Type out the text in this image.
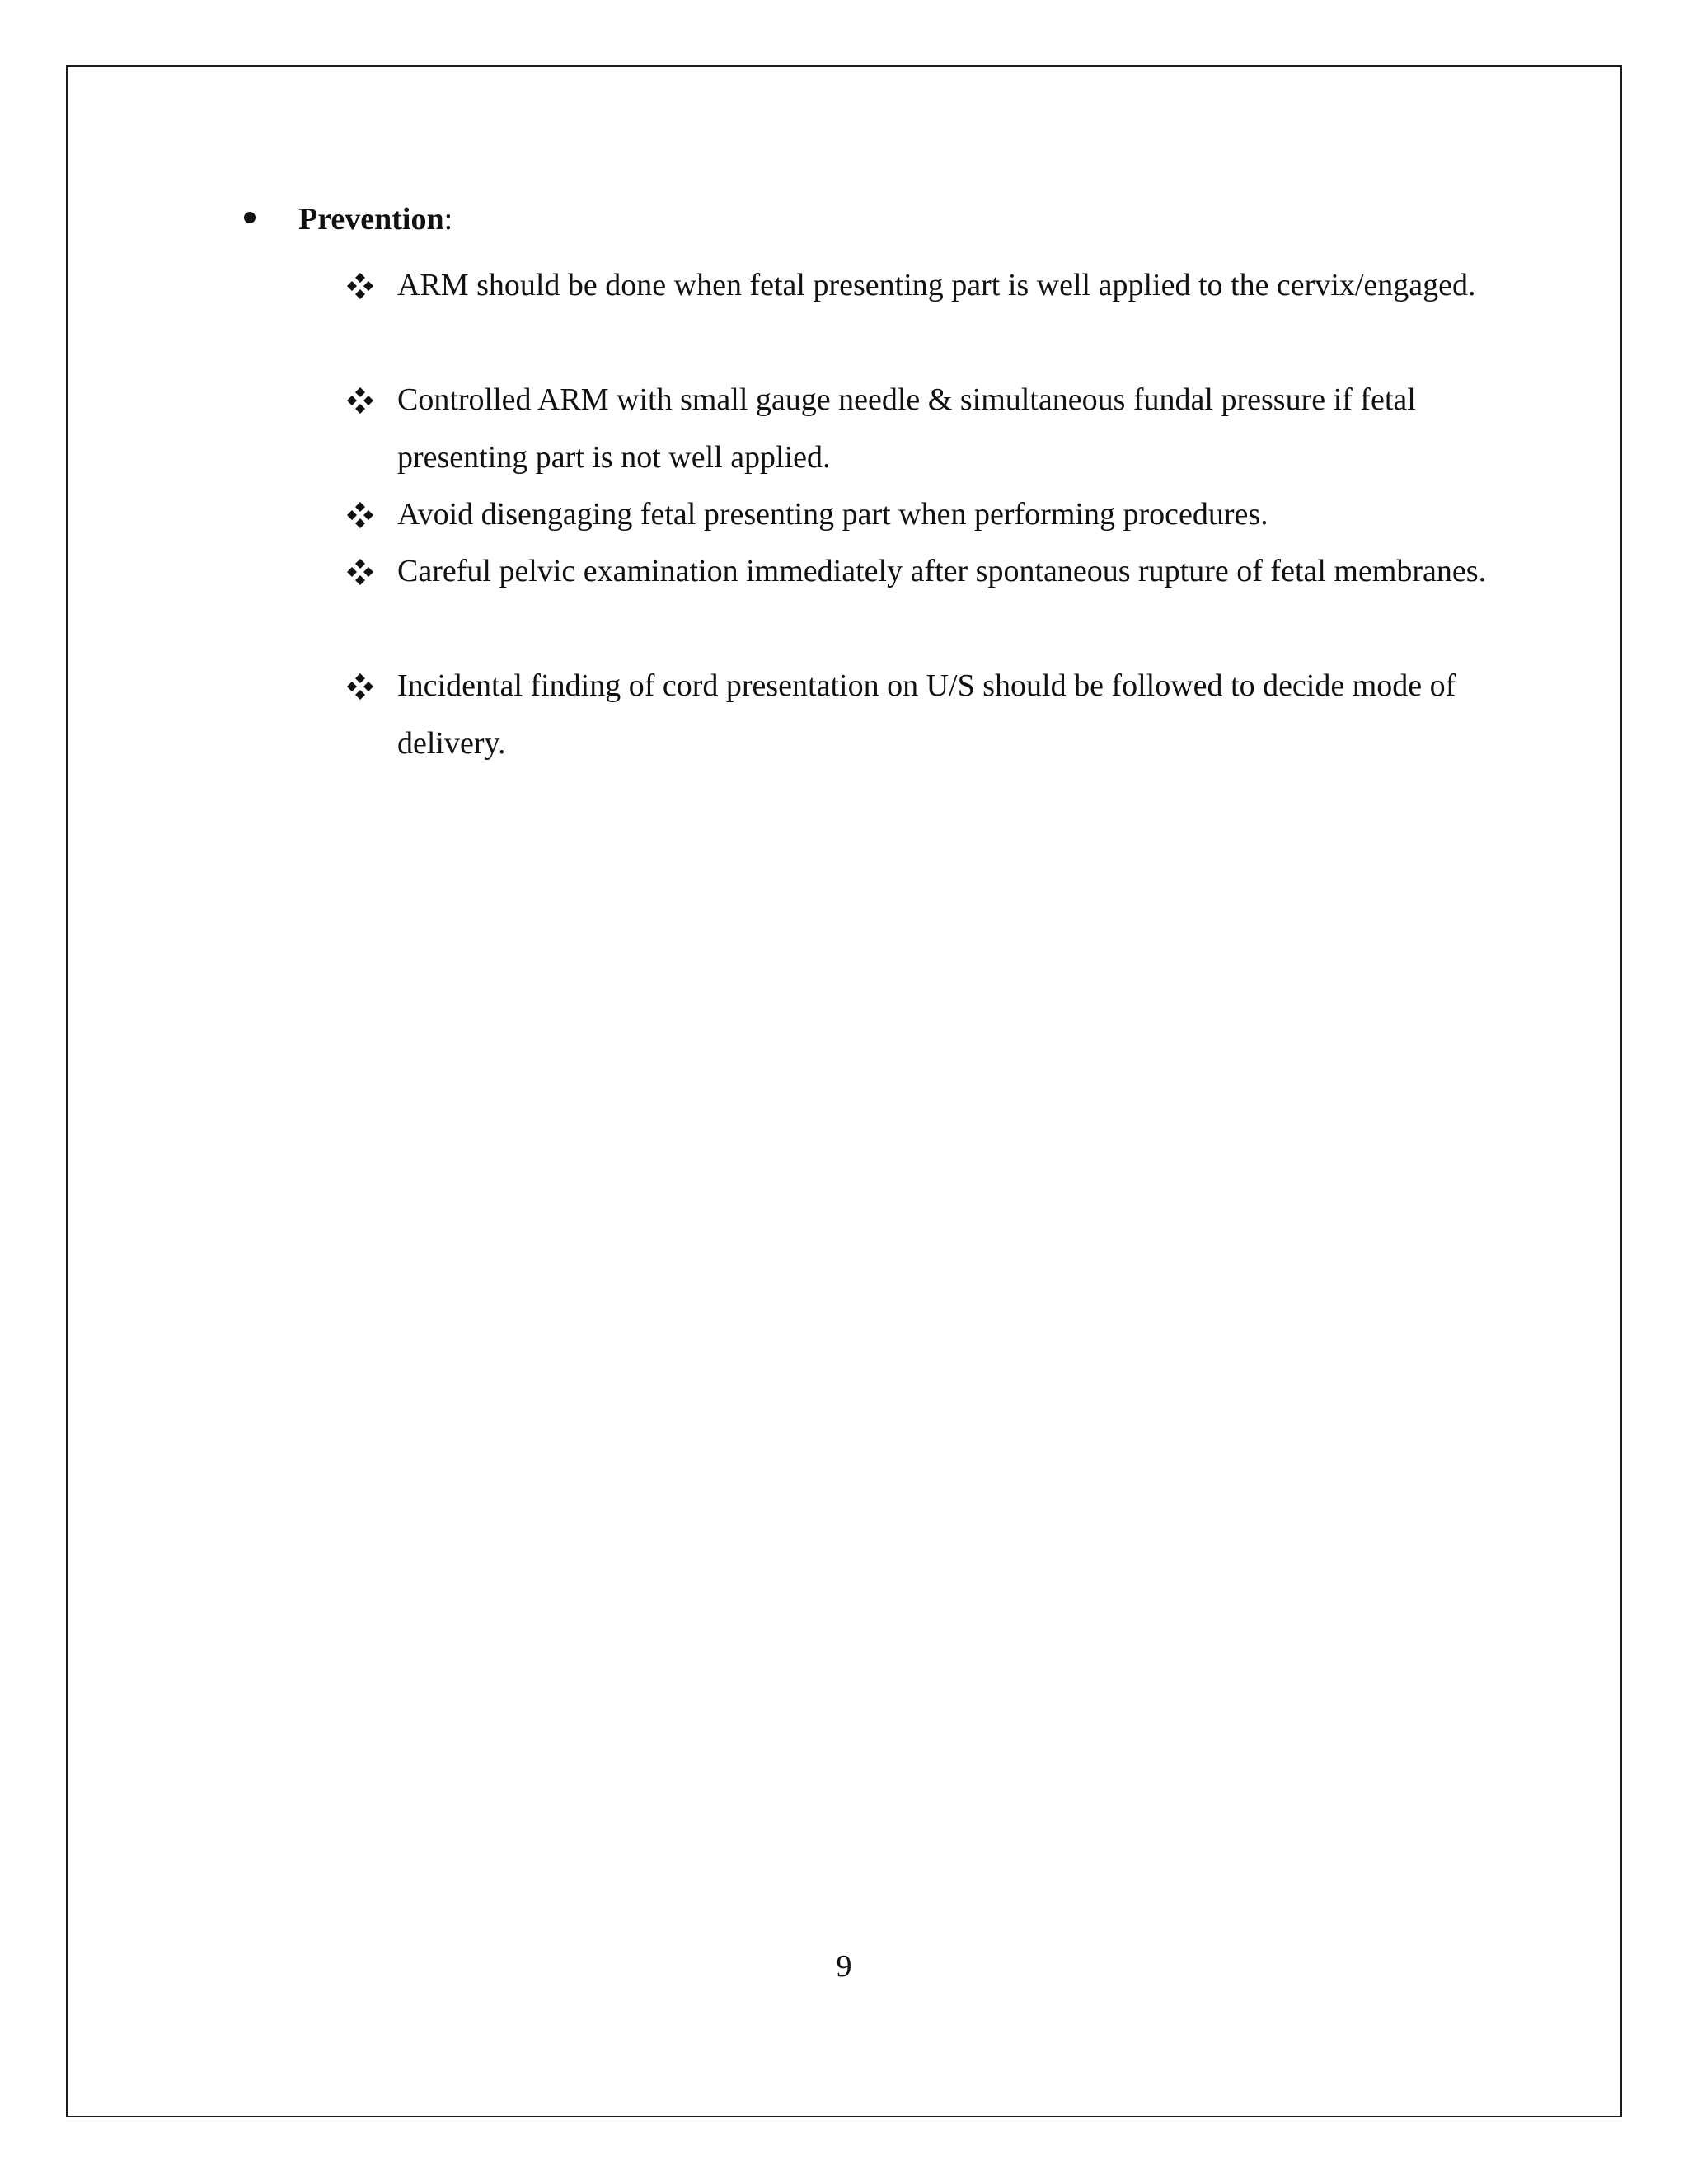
Prevention:
ARM should be done when fetal presenting part is well applied to the cervix/engaged.
Controlled ARM with small gauge needle & simultaneous fundal pressure if fetal presenting part is not well applied.
Avoid disengaging fetal presenting part when performing procedures.
Careful pelvic examination immediately after spontaneous rupture of fetal membranes.
Incidental finding of cord presentation on U/S should be followed to decide mode of delivery.
9
